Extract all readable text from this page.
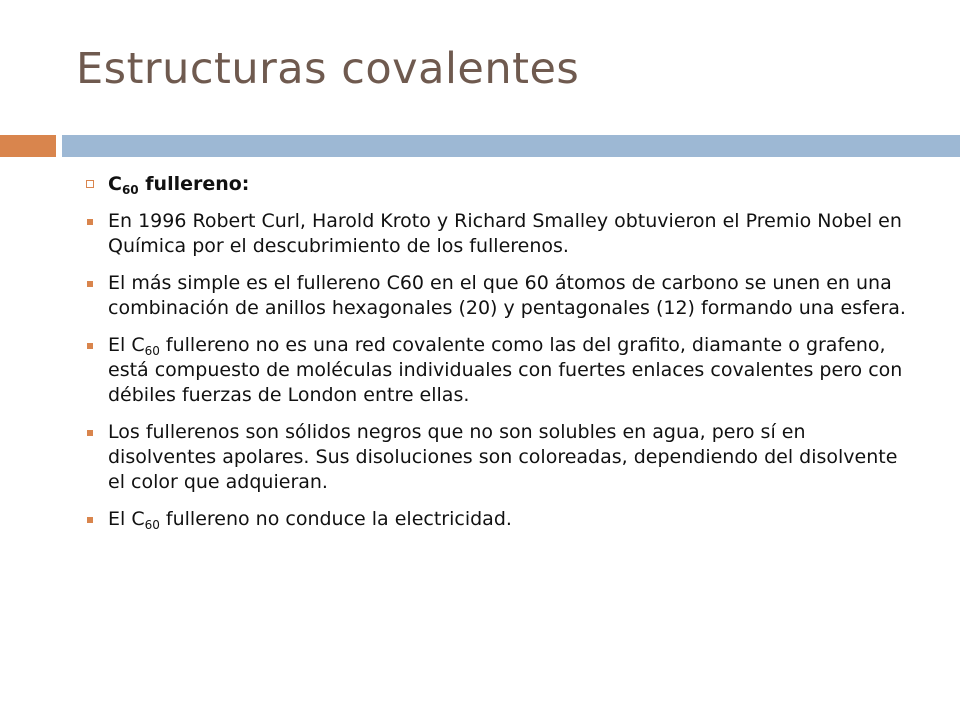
Estructuras covalentes
$C_{60}$ fullereno:
En 1996 Robert Curl, Harold Kroto y Richard Smalley obtuvieron el Premio Nobel en Química por el descubrimiento de los fullerenos.
El más simple es el fullereno C60 en el que 60 átomos de carbono se unen en una combinación de anillos hexagonales (20) y pentagonales (12) formando una esfera.
El $C_{60}$ fullereno no es una red covalente como las del grafito, diamante o grafeno, está compuesto de moléculas individuales con fuertes enlaces covalentes pero con débiles fuerzas de London entre ellas.
Los fullerenos son sólidos negros que no son solubles en agua, pero sí en disolventes apolares. Sus disoluciones son coloreadas, dependiendo del disolvente el color que adquieran.
El $C_{60}$ fullereno no conduce la electricidad.
